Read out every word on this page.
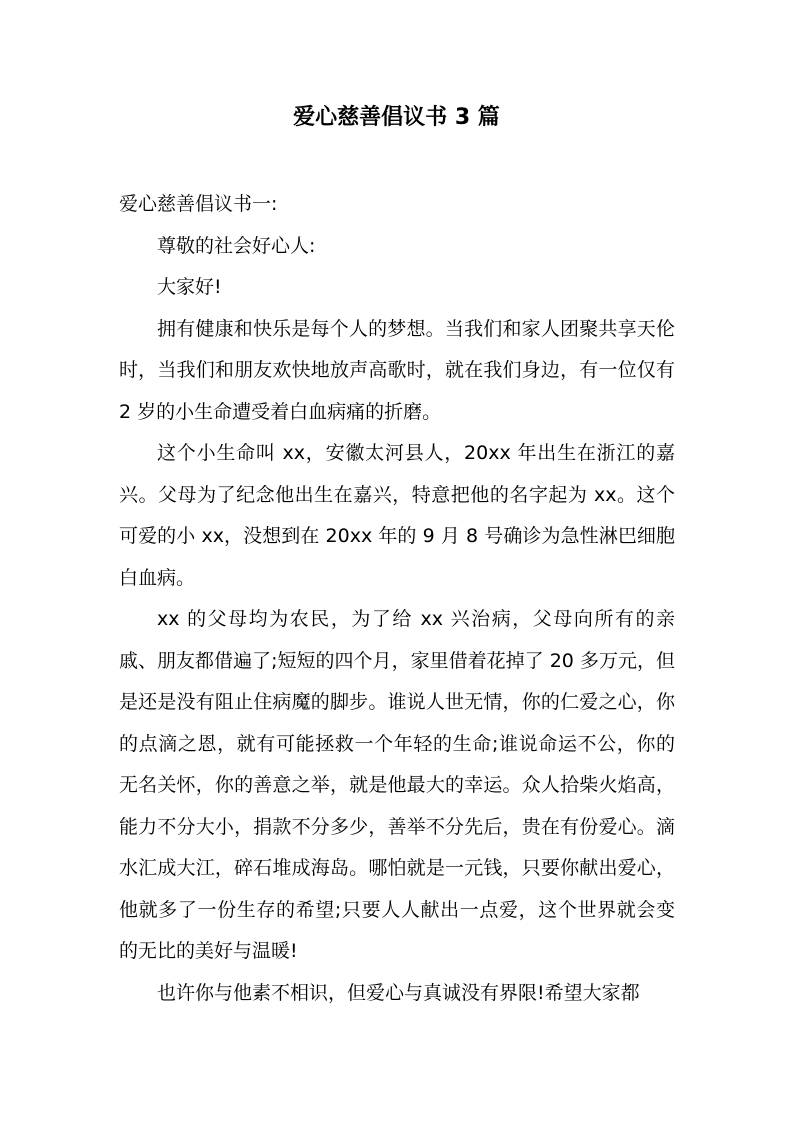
爱心慈善倡议书 3 篇

爱心慈善倡议书一:

尊敬的社会好心人:

大家好!

拥有健康和快乐是每个人的梦想。当我们和家人团聚共享天伦时，当我们和朋友欢快地放声高歌时，就在我们身边，有一位仅有 2 岁的小生命遭受着白血病痛的折磨。

这个小生命叫 xx，安徽太河县人，20xx 年出生在浙江的嘉兴。父母为了纪念他出生在嘉兴，特意把他的名字起为 xx。这个可爱的小 xx，没想到在 20xx 年的 9 月 8 号确诊为急性淋巴细胞白血病。

xx 的父母均为农民，为了给 xx 兴治病，父母向所有的亲戚、朋友都借遍了;短短的四个月，家里借着花掉了 20 多万元，但是还是没有阻止住病魔的脚步。谁说人世无情，你的仁爱之心，你的点滴之恩，就有可能拯救一个年轻的生命;谁说命运不公，你的无名关怀，你的善意之举，就是他最大的幸运。众人拾柴火焰高，能力不分大小，捐款不分多少，善举不分先后，贵在有份爱心。滴水汇成大江，碎石堆成海岛。哪怕就是一元钱，只要你献出爱心，他就多了一份生存的希望;只要人人献出一点爱，这个世界就会变的无比的美好与温暖!

也许你与他素不相识，但爱心与真诚没有界限!希望大家都
